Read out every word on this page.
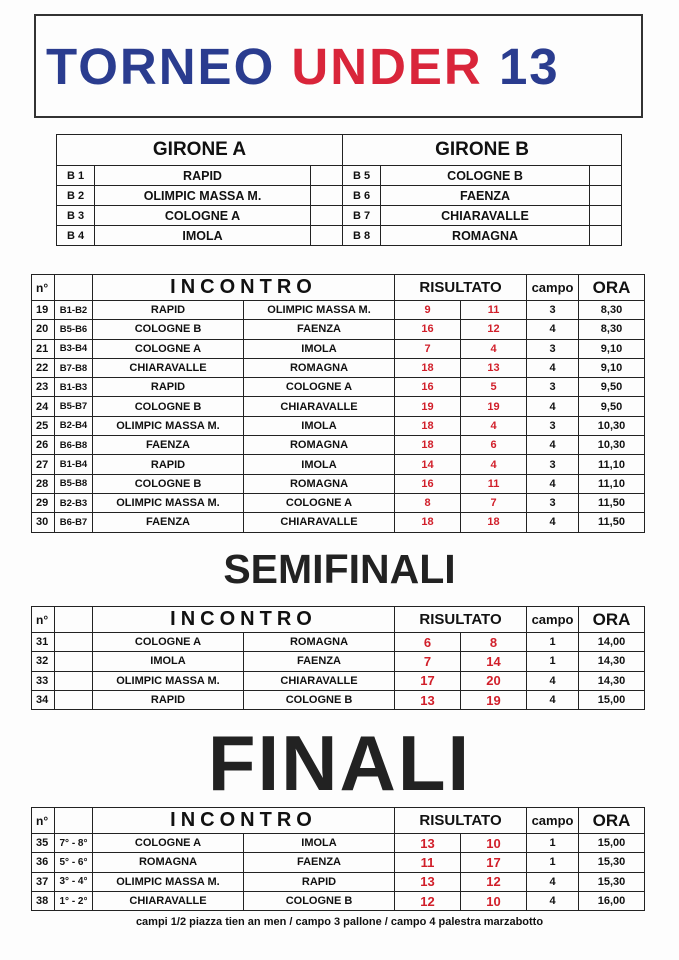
TORNEO UNDER 13
GIRONE A			GIRONE B		
B 1	RAPID		B 5	COLOGNE B	
B 2	OLIMPIC MASSA M.		B 6	FAENZA	
B 3	COLOGNE A		B 7	CHIARAVALLE	
B 4	IMOLA		B 8	ROMAGNA	
n°		INCONTRO		RISULTATO		campo	ORA
19	B1-B2	RAPID	OLIMPIC MASSA M.	9	11	3	8,30
20	B5-B6	COLOGNE B	FAENZA	16	12	4	8,30
21	B3-B4	COLOGNE A	IMOLA	7	4	3	9,10
22	B7-B8	CHIARAVALLE	ROMAGNA	18	13	4	9,10
23	B1-B3	RAPID	COLOGNE A	16	5	3	9,50
24	B5-B7	COLOGNE B	CHIARAVALLE	19	19	4	9,50
25	B2-B4	OLIMPIC MASSA M.	IMOLA	18	4	3	10,30
26	B6-B8	FAENZA	ROMAGNA	18	6	4	10,30
27	B1-B4	RAPID	IMOLA	14	4	3	11,10
28	B5-B8	COLOGNE B	ROMAGNA	16	11	4	11,10
29	B2-B3	OLIMPIC MASSA M.	COLOGNE A	8	7	3	11,50
30	B6-B7	FAENZA	CHIARAVALLE	18	18	4	11,50
SEMIFINALI
n°		INCONTRO		RISULTATO		campo	ORA
31		COLOGNE A	ROMAGNA	6	8	1	14,00
32		IMOLA	FAENZA	7	14	1	14,30
33		OLIMPIC MASSA M.	CHIARAVALLE	17	20	4	14,30
34		RAPID	COLOGNE B	13	19	4	15,00
FINALI
n°		INCONTRO		RISULTATO		campo	ORA
35	7° - 8°	COLOGNE A	IMOLA	13	10	1	15,00
36	5° - 6°	ROMAGNA	FAENZA	11	17	1	15,30
37	3° - 4°	OLIMPIC MASSA M.	RAPID	13	12	4	15,30
38	1° - 2°	CHIARAVALLE	COLOGNE B	12	10	4	16,00
campi 1/2 piazza tien an men / campo 3 pallone / campo 4 palestra marzabotto
